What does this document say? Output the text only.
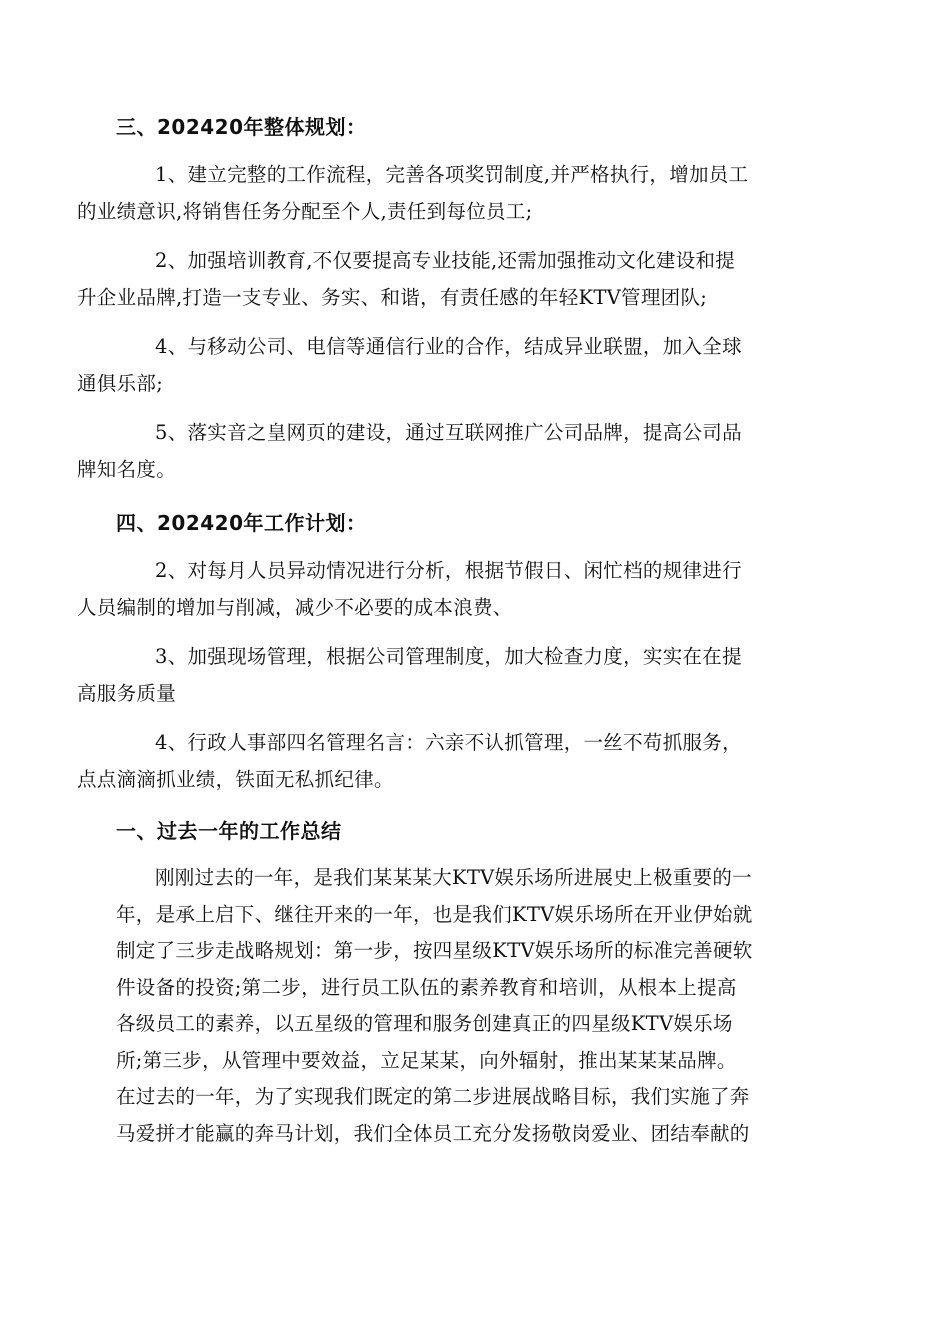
三、202420年整体规划：
1、建立完整的工作流程，完善各项奖罚制度,并严格执行，增加员工
的业绩意识,将销售任务分配至个人,责任到每位员工;
2、加强培训教育,不仅要提高专业技能,还需加强推动文化建设和提
升企业品牌,打造一支专业、务实、和谐，有责任感的年轻KTV管理团队;
4、与移动公司、电信等通信行业的合作，结成异业联盟，加入全球
通俱乐部;
5、落实音之皇网页的建设，通过互联网推广公司品牌，提高公司品
牌知名度。
四、202420年工作计划：
2、对每月人员异动情况进行分析，根据节假日、闲忙档的规律进行
人员编制的增加与削减，减少不必要的成本浪费、
3、加强现场管理，根据公司管理制度，加大检查力度，实实在在提
高服务质量
4、行政人事部四名管理名言：六亲不认抓管理，一丝不苟抓服务，
点点滴滴抓业绩，铁面无私抓纪律。
一、过去一年的工作总结
刚刚过去的一年，是我们某某某大KTV娱乐场所进展史上极重要的一
年，是承上启下、继往开来的一年，也是我们KTV娱乐场所在开业伊始就
制定了三步走战略规划：第一步，按四星级KTV娱乐场所的标准完善硬软
件设备的投资;第二步，进行员工队伍的素养教育和培训，从根本上提高
各级员工的素养，以五星级的管理和服务创建真正的四星级KTV娱乐场
所;第三步，从管理中要效益，立足某某，向外辐射，推出某某某品牌。
在过去的一年，为了实现我们既定的第二步进展战略目标，我们实施了奔
马爱拼才能赢的奔马计划，我们全体员工充分发扬敬岗爱业、团结奉献的
